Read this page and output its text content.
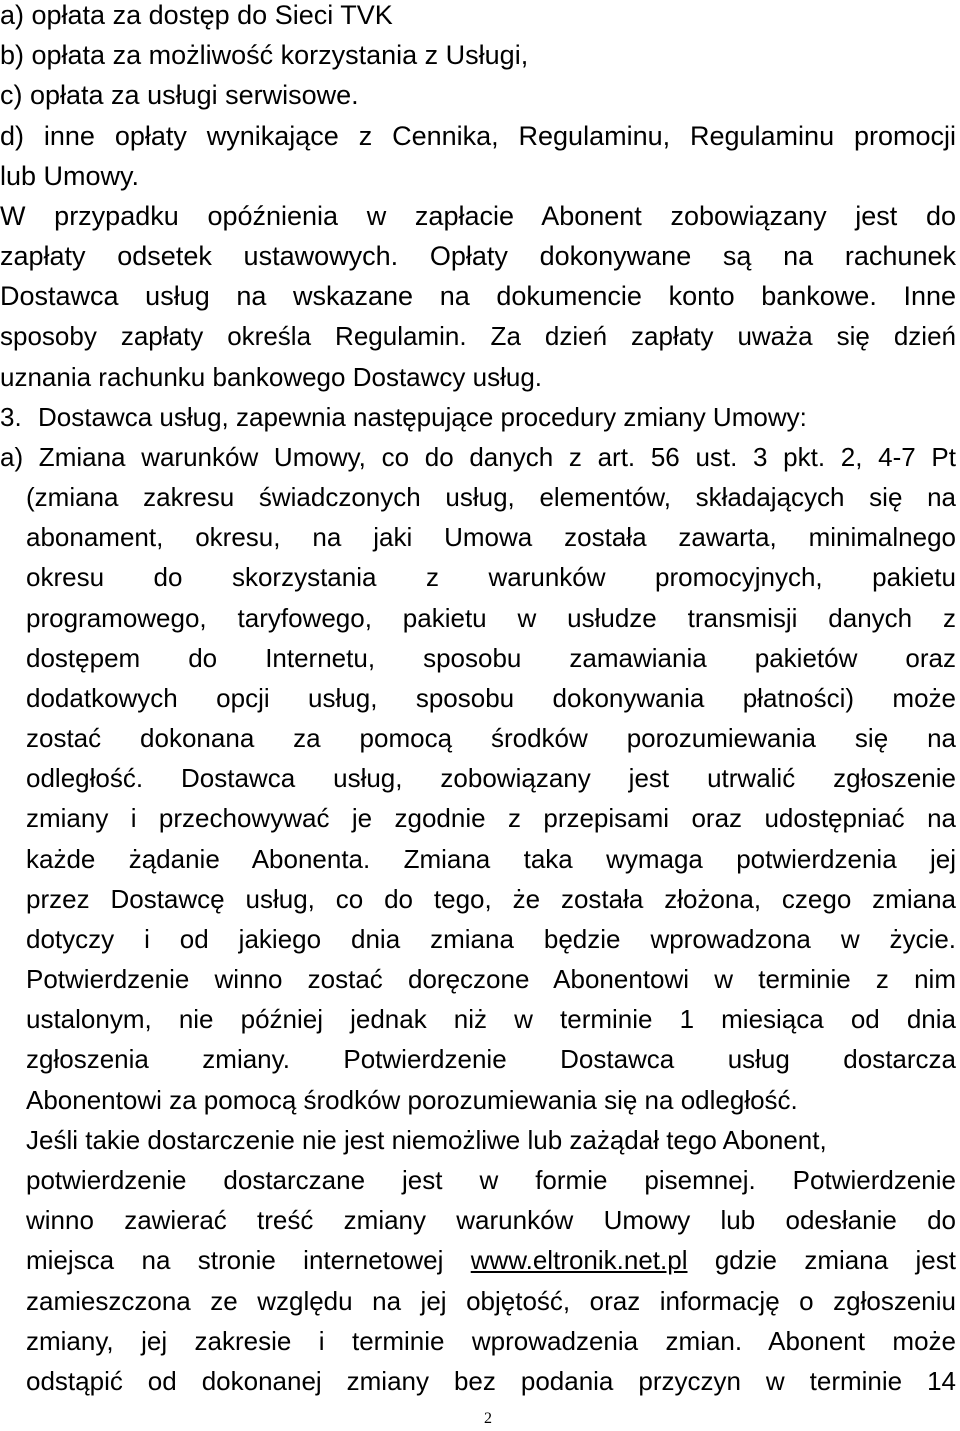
a) opłata za dostęp do Sieci TVK
b) opłata za możliwość korzystania z Usługi,
c) opłata za usługi serwisowe.
d) inne opłaty wynikające z Cennika, Regulaminu, Regulaminu promocji
lub Umowy.
W przypadku opóźnienia w zapłacie Abonent zobowiązany jest do
zapłaty odsetek ustawowych. Opłaty dokonywane są na rachunek
Dostawca usług na wskazane na dokumencie konto bankowe. Inne
sposoby zapłaty określa Regulamin. Za dzień zapłaty uważa się dzień
uznania rachunku bankowego Dostawcy usług.
3. Dostawca usług, zapewnia następujące procedury zmiany Umowy:
a) Zmiana warunków Umowy, co do danych z art. 56 ust. 3 pkt. 2, 4-7 Pt
(zmiana zakresu świadczonych usług, elementów, składających się na
abonament, okresu, na jaki Umowa została zawarta, minimalnego
okresu do skorzystania z warunków promocyjnych, pakietu
programowego, taryfowego, pakietu w usłudze transmisji danych z
dostępem do Internetu, sposobu zamawiania pakietów oraz
dodatkowych opcji usług, sposobu dokonywania płatności) może
zostać dokonana za pomocą środków porozumiewania się na
odległość. Dostawca usług, zobowiązany jest utrwalić zgłoszenie
zmiany i przechowywać je zgodnie z przepisami oraz udostępniać na
każde żądanie Abonenta. Zmiana taka wymaga potwierdzenia jej
przez Dostawcę usług, co do tego, że została złożona, czego zmiana
dotyczy i od jakiego dnia zmiana będzie wprowadzona w życie.
Potwierdzenie winno zostać doręczone Abonentowi w terminie z nim
ustalonym, nie później jednak niż w terminie 1 miesiąca od dnia
zgłoszenia zmiany. Potwierdzenie Dostawca usług dostarcza
Abonentowi za pomocą środków porozumiewania się na odległość.
Jeśli takie dostarczenie nie jest niemożliwe lub zażądał tego Abonent,
potwierdzenie dostarczane jest w formie pisemnej. Potwierdzenie
winno zawierać treść zmiany warunków Umowy lub odesłanie do
miejsca na stronie internetowej www.eltronik.net.pl gdzie zmiana jest
zamieszczona ze względu na jej objętość, oraz informację o zgłoszeniu
zmiany, jej zakresie i terminie wprowadzenia zmian. Abonent może
odstąpić od dokonanej zmiany bez podania przyczyn w terminie 14
2
